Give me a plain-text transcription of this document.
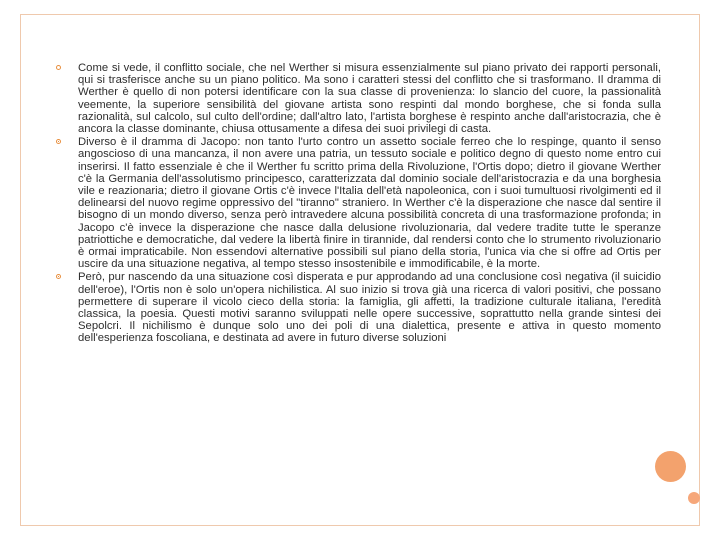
Come si vede, il conflitto sociale, che nel Werther si misura essenzialmente sul piano privato dei rapporti personali, qui si trasferisce anche su un piano politico. Ma sono i caratteri stessi del conflitto che si trasformano. Il dramma di Werther è quello di non potersi identificare con la sua classe di provenienza: lo slancio del cuore, la passionalità veemente, la superiore sensibilità del giovane artista sono respinti dal mondo borghese, che si fonda sulla razionalità, sul calcolo, sul culto dell'ordine; dall'altro lato, l'artista borghese è respinto anche dall'aristocrazia, che è ancora la classe dominante, chiusa ottusamente a difesa dei suoi privilegi di casta.

Diverso è il dramma di Jacopo: non tanto l'urto contro un assetto sociale ferreo che lo respinge, quanto il senso angoscioso di una mancanza, il non avere una patria, un tessuto sociale e politico degno di questo nome entro cui inserirsi. Il fatto essenziale è che il Werther fu scritto prima della Rivoluzione, l'Ortis dopo; dietro il giovane Werther c'è la Germania dell'assolutismo principesco, caratterizzata dal dominio sociale dell'aristocrazia e da una borghesia vile e reazionaria; dietro il giovane Ortis c'è invece l'Italia dell'età napoleonica, con i suoi tumultuosi rivolgimenti ed il delinearsi del nuovo regime oppressivo del "tiranno" straniero. In Werther c'è la disperazione che nasce dal sentire il bisogno di un mondo diverso, senza però intravedere alcuna possibilità concreta di una trasformazione profonda; in Jacopo c'è invece la disperazione che nasce dalla delusione rivoluzionaria, dal vedere tradite tutte le speranze patriottiche e democratiche, dal vedere la libertà finire in tirannide, dal rendersi conto che lo strumento rivoluzionario è ormai impraticabile. Non essendovi alternative possibili sul piano della storia, l'unica via che si offre ad Ortis per uscire da una situazione negativa, al tempo stesso insostenibile e immodificabile, è la morte.

Però, pur nascendo da una situazione così disperata e pur approdando ad una conclusione così negativa (il suicidio dell'eroe), l'Ortis non è solo un'opera nichilistica. Al suo inizio si trova già una ricerca di valori positivi, che possano permettere di superare il vicolo cieco della storia: la famiglia, gli affetti, la tradizione culturale italiana, l'eredità classica, la poesia. Questi motivi saranno sviluppati nelle opere successive, soprattutto nella grande sintesi dei Sepolcri. Il nichilismo è dunque solo uno dei poli di una dialettica, presente e attiva in questo momento dell'esperienza foscoliana, e destinata ad avere in futuro diverse soluzioni
